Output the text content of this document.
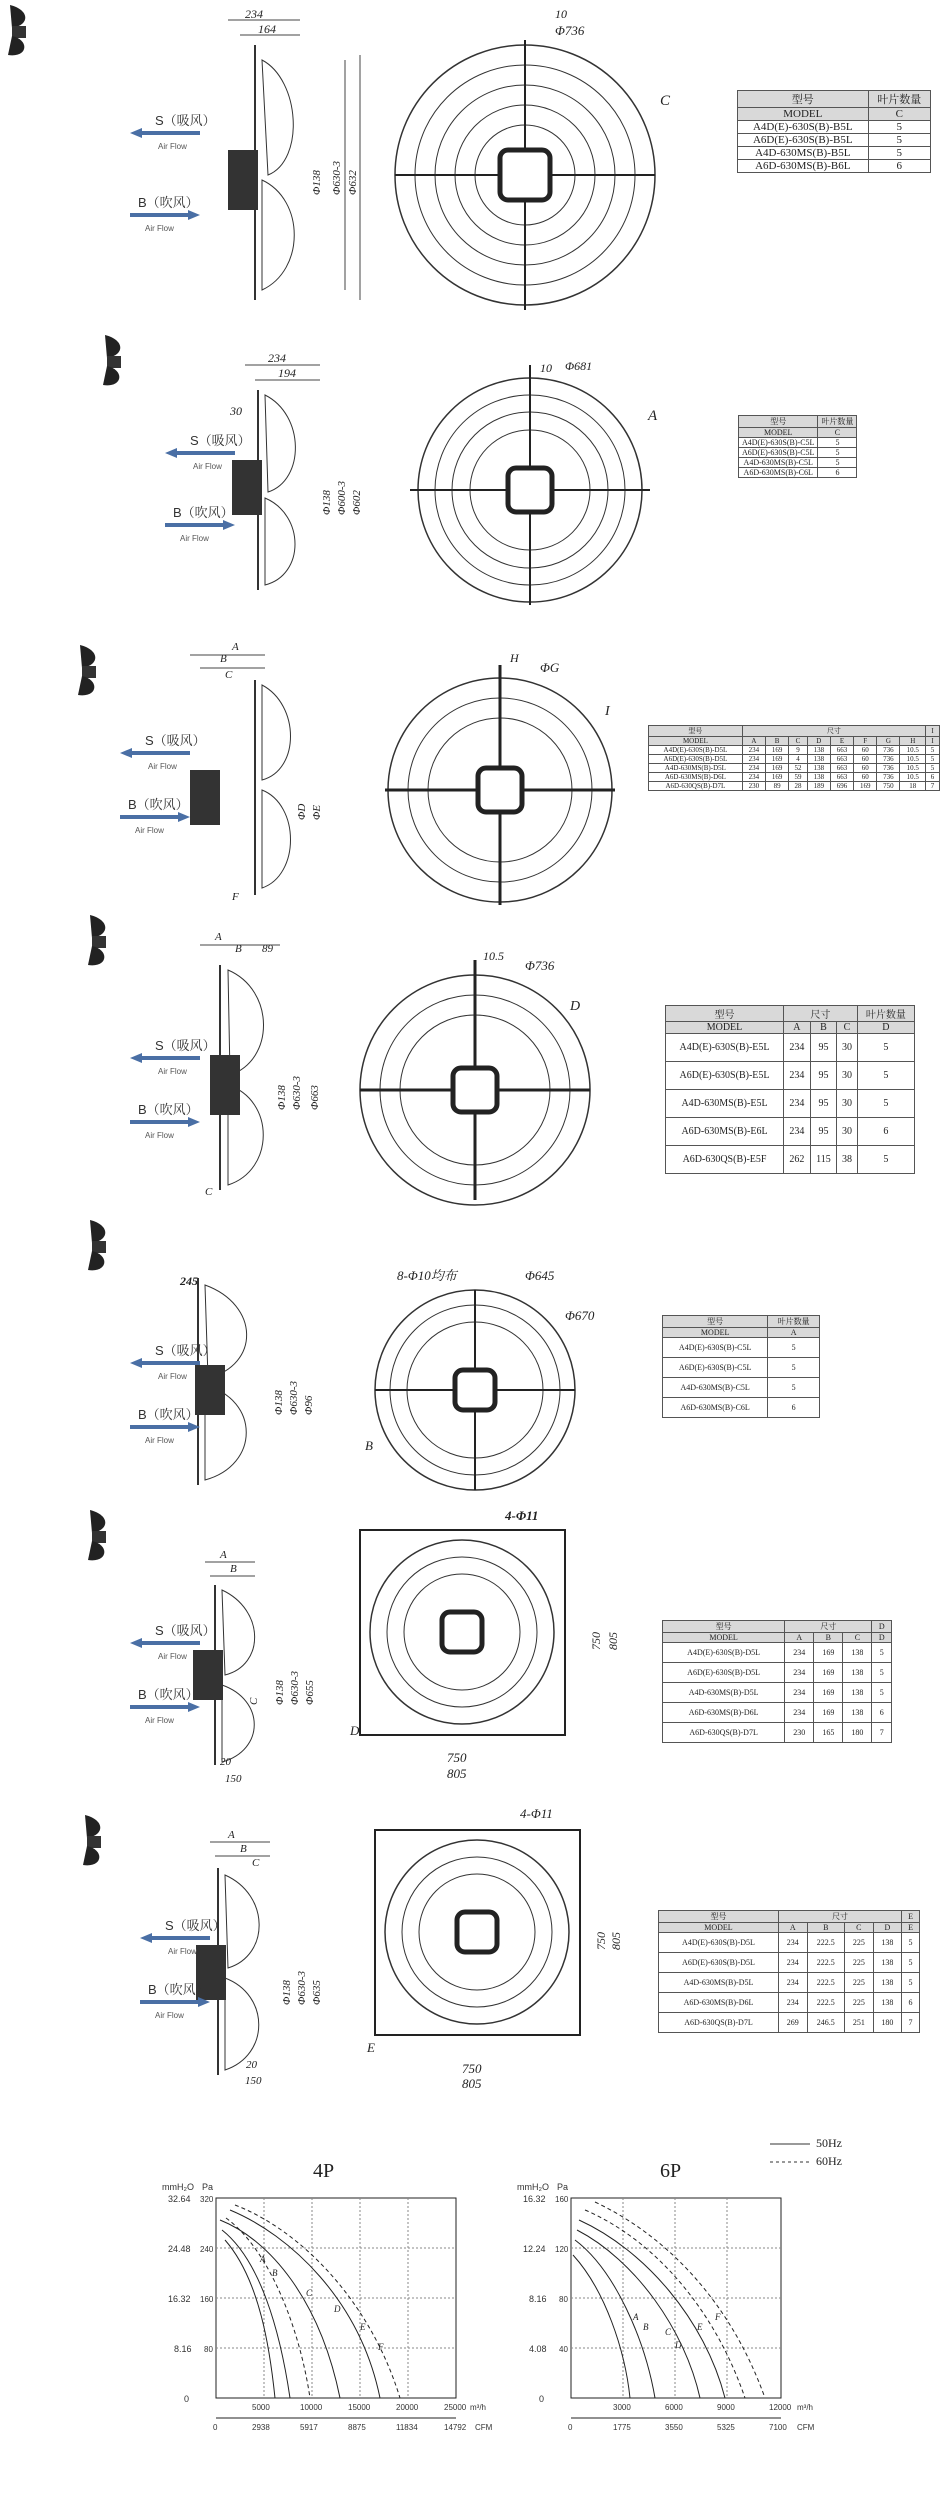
234
164
Φ630-3 Φ632
Φ138
S（吸风）
Air Flow
B（吹风）
Air Flow
Φ736
10
C	型号	叶片数量
MODEL	C
A4D(E)-630S(B)-B5L	5
A6D(E)-630S(B)-B5L	5
A4D-630MS(B)-B5L	5
A6D-630MS(B)-B6L	6
234
194
30
Φ138 Φ600-3 Φ602
S（吸风）
Air Flow
B（吹风）
Air Flow
10 Φ681
A	型号	叶片数量
MODEL	C
A4D(E)-630S(B)-C5L	5
A6D(E)-630S(B)-C5L	5
A4D-630MS(B)-C5L	5
A6D-630MS(B)-C6L	6
A
B
C
ΦD ΦE
F
S（吸风）
Air Flow
B（吹风）
Air Flow
H
ΦG
I
型号	尺寸								I
MODEL	A	B	C	D	E	F	G	H	I
A4D(E)-630S(B)-D5L	234	169	9	138	663	60	736	10.5	5
A6D(E)-630S(B)-D5L	234	169	4	138	663	60	736	10.5	5
A4D-630MS(B)-D5L	234	169	52	138	663	60	736	10.5	5
A6D-630MS(B)-D6L	234	169	59	138	663	60	736	10.5	6
A6D-630QS(B)-D7L	230	89	28	189	696	169	750	18	7
A
B 89
Φ138 Φ630-3 Φ663
C
S（吸风）
Air Flow
B（吹风）
Air Flow
10.5
Φ736
D
型号	尺寸			叶片数量
MODEL	A	B	C	D
A4D(E)-630S(B)-E5L	234	95	30	5
A6D(E)-630S(B)-E5L	234	95	30	5
A4D-630MS(B)-E5L	234	95	30	5
A6D-630MS(B)-E6L	234	95	30	6
A6D-630QS(B)-E5F	262	115	38	5
245
Φ138 Φ630-3 Φ96
S（吸风）
Air Flow
B（吹风）
Air Flow
8-Φ10均布	Φ645
Φ670
B
型号	叶片数量
MODEL	A
A4D(E)-630S(B)-C5L	5
A6D(E)-630S(B)-C5L	5
A4D-630MS(B)-C5L	5
A6D-630MS(B)-C6L	6
A
B
C Φ138 Φ630-3 Φ655
20
150
S（吸风）
Air Flow
B（吹风）
Air Flow
4-Φ11
750
805
D
750 805
型号	尺寸			D
MODEL	A	B	C	D
A4D(E)-630S(B)-D5L	234	169	138	5
A6D(E)-630S(B)-D5L	234	169	138	5
A4D-630MS(B)-D5L	234	169	138	5
A6D-630MS(B)-D6L	234	169	138	6
A6D-630QS(B)-D7L	230	165	180	7
A
B
C
Φ138 Φ630-3 Φ635
20
150
S（吸风）
Air Flow
B（吹风）
Air Flow
4-Φ11
750
805
E
750 805
型号	尺寸				E
MODEL	A	B	C	D	E
A4D(E)-630S(B)-D5L	234	222.5	225	138	5
A6D(E)-630S(B)-D5L	234	222.5	225	138	5
A4D-630MS(B)-D5L	234	222.5	225	138	5
A6D-630MS(B)-D6L	234	222.5	225	138	6
A6D-630QS(B)-D7L	269	246.5	251	180	7
50Hz
60Hz
4P
mmH₂O Pa
32.64
24.48
16.32
8.16
0
320
240
160
80
5000	10000	15000	20000	25000 m³/h
0	2938	5917	8875	11834	14792 CFM
A
B
C
D
E
F
6P
mmH₂O Pa
16.32
12.24
8.16
4.08
0
160
120
80
40
3000	6000	9000	12000 m³/h
0	1775	3550	5325	7100 CFM
A
B C
D
E
F
